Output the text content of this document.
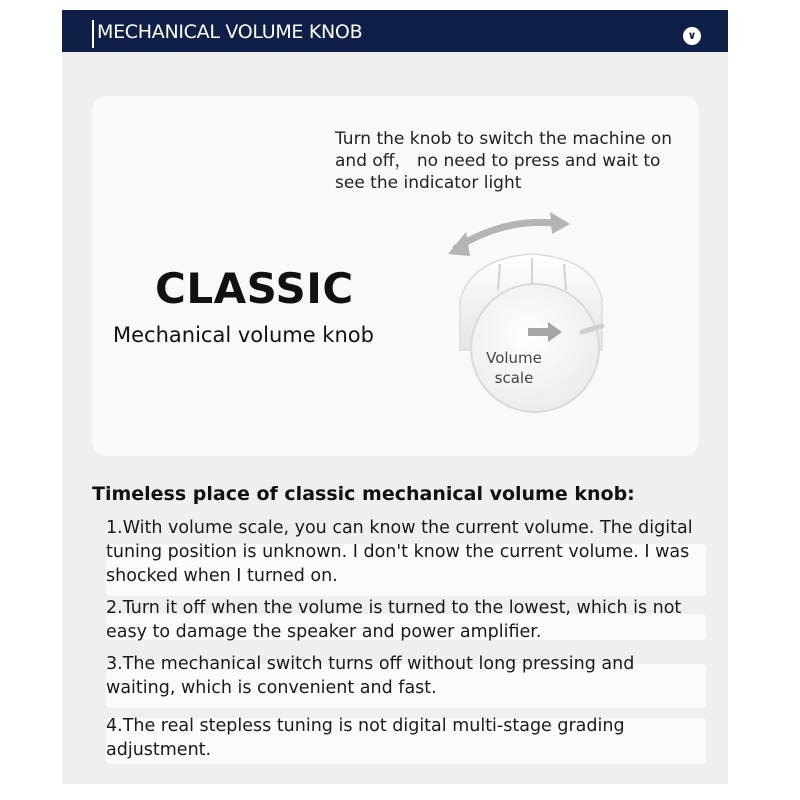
MECHANICAL VOLUME KNOB	∨
Turn the knob to switch the machine on and off， no need to press and wait to see the indicator light
CLASSIC
Mechanical volume knob
Volume
scale
Timeless place of classic mechanical volume knob:
1.With volume scale, you can know the current volume. The digital tuning position is unknown. I don't know the current volume. I was shocked when I turned on.
2.Turn it off when the volume is turned to the lowest, which is not easy to damage the speaker and power amplifier.
3.The mechanical switch turns off without long pressing and waiting, which is convenient and fast.
4.The real stepless tuning is not digital multi-stage grading adjustment.
